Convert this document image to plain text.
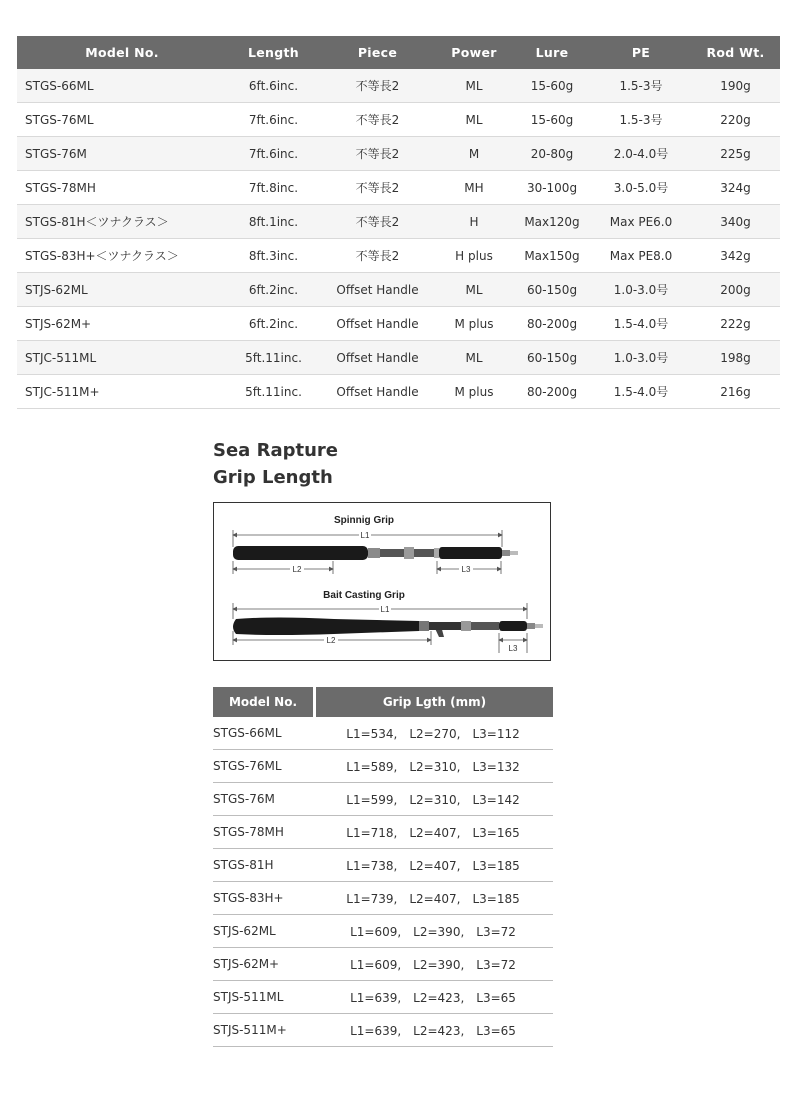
Model No.	Length	Piece	Power	Lure	PE	Rod Wt.
STGS-66ML	6ft.6inc.	不等長2	ML	15-60g	1.5-3号	190g
STGS-76ML	7ft.6inc.	不等長2	ML	15-60g	1.5-3号	220g
STGS-76M	7ft.6inc.	不等長2	M	20-80g	2.0-4.0号	225g
STGS-78MH	7ft.8inc.	不等長2	MH	30-100g	3.0-5.0号	324g
STGS-81H＜ツナクラス＞	8ft.1inc.	不等長2	H	Max120g	Max PE6.0	340g
STGS-83H+＜ツナクラス＞	8ft.3inc.	不等長2	H plus	Max150g	Max PE8.0	342g
STJS-62ML	6ft.2inc.	Offset Handle	ML	60-150g	1.0-3.0号	200g
STJS-62M+	6ft.2inc.	Offset Handle	M plus	80-200g	1.5-4.0号	222g
STJC-511ML	5ft.11inc.	Offset Handle	ML	60-150g	1.0-3.0号	198g
STJC-511M+	5ft.11inc.	Offset Handle	M plus	80-200g	1.5-4.0号	216g
Sea Rapture
Grip Length
Spinnig Grip
L1
L2	L3
Bait Casting Grip
L1
L2
L3
Model No.	Grip Lgth (mm)
STGS-66ML	L1=534,　L2=270,　L3=112
STGS-76ML	L1=589,　L2=310,　L3=132
STGS-76M	L1=599,　L2=310,　L3=142
STGS-78MH	L1=718,　L2=407,　L3=165
STGS-81H	L1=738,　L2=407,　L3=185
STGS-83H+	L1=739,　L2=407,　L3=185
STJS-62ML	L1=609,　L2=390,　L3=72
STJS-62M+	L1=609,　L2=390,　L3=72
STJS-511ML	L1=639,　L2=423,　L3=65
STJS-511M+	L1=639,　L2=423,　L3=65
